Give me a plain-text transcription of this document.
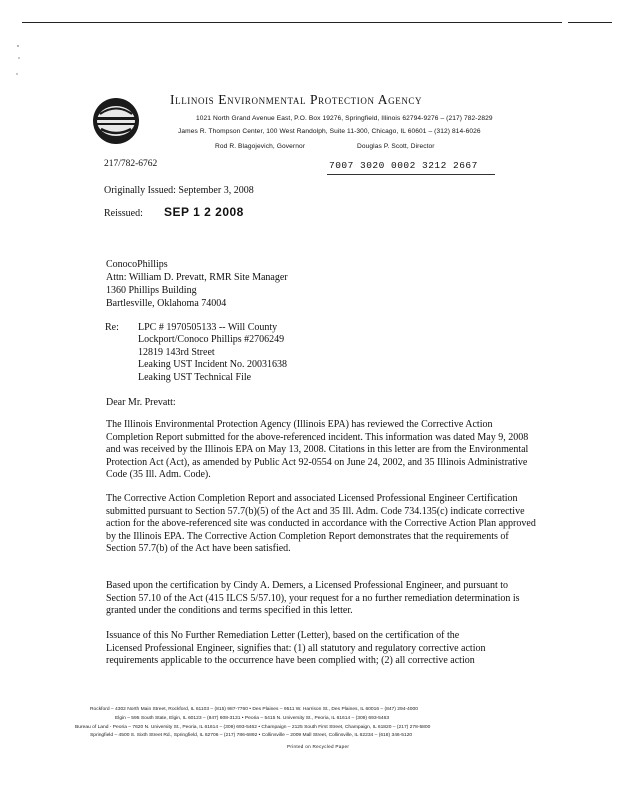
Illinois Environmental Protection Agency
1021 North Grand Avenue East, P.O. Box 19276, Springfield, Illinois 62794-9276 – (217) 782-2829
James R. Thompson Center, 100 West Randolph, Suite 11-300, Chicago, IL 60601 – (312) 814-6026
Rod R. Blagojevich, Governor	Douglas P. Scott, Director
217/782-6762	7007 3020 0002 3212 2667
Originally Issued: September 3, 2008
Reissued: SEP 1 2 2008
ConocoPhillips
Attn: William D. Prevatt, RMR Site Manager
1360 Phillips Building
Bartlesville, Oklahoma 74004
Re: LPC # 1970505133 -- Will County
Lockport/Conoco Phillips #2706249
12819 143rd Street
Leaking UST Incident No. 20031638
Leaking UST Technical File
Dear Mr. Prevatt:
The Illinois Environmental Protection Agency (Illinois EPA) has reviewed the Corrective Action Completion Report submitted for the above-referenced incident. This information was dated May 9, 2008 and was received by the Illinois EPA on May 13, 2008. Citations in this letter are from the Environmental Protection Act (Act), as amended by Public Act 92-0554 on June 24, 2002, and 35 Illinois Administrative Code (35 Ill. Adm. Code).
The Corrective Action Completion Report and associated Licensed Professional Engineer Certification submitted pursuant to Section 57.7(b)(5) of the Act and 35 Ill. Adm. Code 734.135(c) indicate corrective action for the above-referenced site was conducted in accordance with the Corrective Action Plan approved by the Illinois EPA. The Corrective Action Completion Report demonstrates that the requirements of Section 57.7(b) of the Act have been satisfied.
Based upon the certification by Cindy A. Demers, a Licensed Professional Engineer, and pursuant to Section 57.10 of the Act (415 ILCS 5/57.10), your request for a no further remediation determination is granted under the conditions and terms specified in this letter.
Issuance of this No Further Remediation Letter (Letter), based on the certification of the
Licensed Professional Engineer, signifies that: (1) all statutory and regulatory corrective action
requirements applicable to the occurrence have been complied with; (2) all corrective action
Rockford – 4302 North Main Street, Rockford, IL 61103 – (815) 987-7760 • Des Plaines – 9511 W. Harrison St., Des Plaines, IL 60016 – (847) 294-4000
Elgin – 595 South State, Elgin, IL 60123 – (847) 608-3131 • Peoria – 5415 N. University St., Peoria, IL 61614 – (309) 693-5463
Bureau of Land - Peoria – 7620 N. University St., Peoria, IL 61614 – (309) 693-5462 • Champaign – 2125 South First Street, Champaign, IL 61820 – (217) 278-5800
Springfield – 4500 S. Sixth Street Rd., Springfield, IL 62706 – (217) 786-6892 • Collinsville – 2009 Mall Street, Collinsville, IL 62234 – (618) 346-5120
Printed on Recycled Paper
